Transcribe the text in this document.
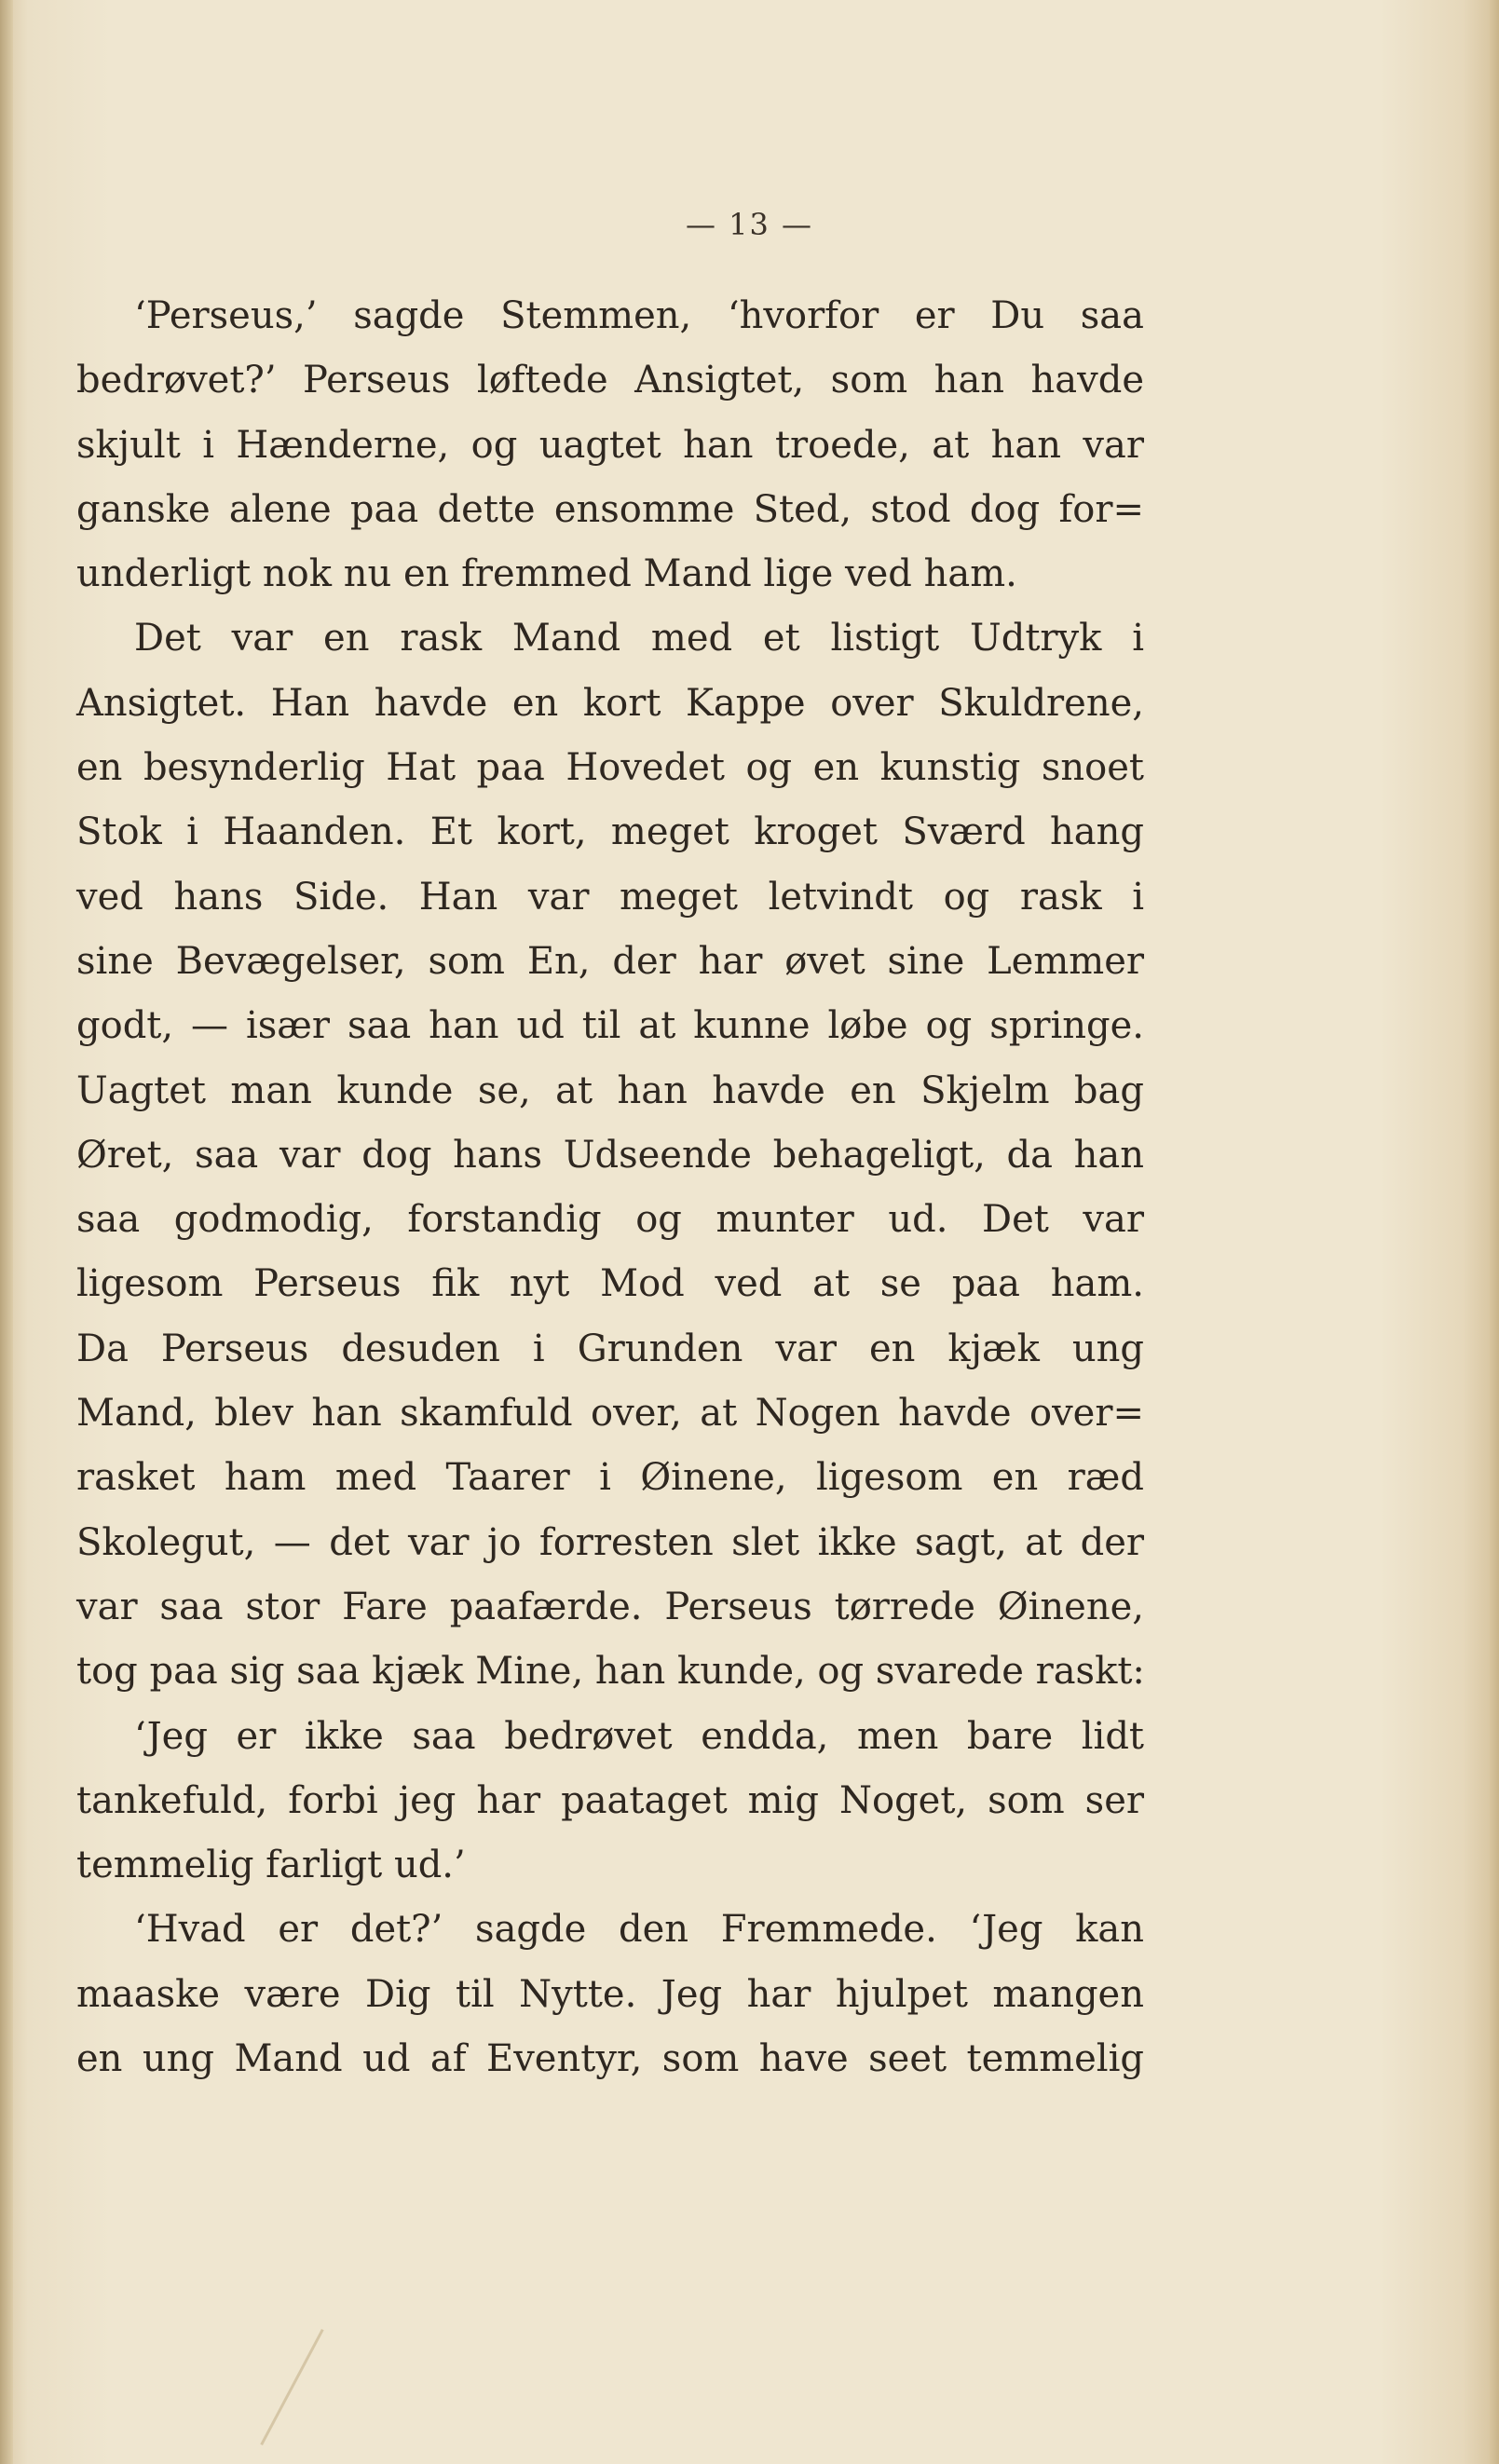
— 13 —
‘Perseus,’ sagde Stemmen, ‘hvorfor er Du saa
bedrøvet?’ Perseus løftede Ansigtet, som han havde
skjult i Hænderne, og uagtet han troede, at han var
ganske alene paa dette ensomme Sted, stod dog for=
underligt nok nu en fremmed Mand lige ved ham.
Det var en rask Mand med et listigt Udtryk i
Ansigtet. Han havde en kort Kappe over Skuldrene,
en besynderlig Hat paa Hovedet og en kunstig snoet
Stok i Haanden. Et kort, meget kroget Sværd hang
ved hans Side. Han var meget letvindt og rask i
sine Bevægelser, som En, der har øvet sine Lemmer
godt, — især saa han ud til at kunne løbe og springe.
Uagtet man kunde se, at han havde en Skjelm bag
Øret, saa var dog hans Udseende behageligt, da han
saa godmodig, forstandig og munter ud. Det var
ligesom Perseus fik nyt Mod ved at se paa ham.
Da Perseus desuden i Grunden var en kjæk ung
Mand, blev han skamfuld over, at Nogen havde over=
rasket ham med Taarer i Øinene, ligesom en ræd
Skolegut, — det var jo forresten slet ikke sagt, at der
var saa stor Fare paafærde. Perseus tørrede Øinene,
tog paa sig saa kjæk Mine, han kunde, og svarede raskt:
‘Jeg er ikke saa bedrøvet endda, men bare lidt
tankefuld, forbi jeg har paataget mig Noget, som ser
temmelig farligt ud.’
‘Hvad er det?’ sagde den Fremmede. ‘Jeg kan
maaske være Dig til Nytte. Jeg har hjulpet mangen
en ung Mand ud af Eventyr, som have seet temmelig
